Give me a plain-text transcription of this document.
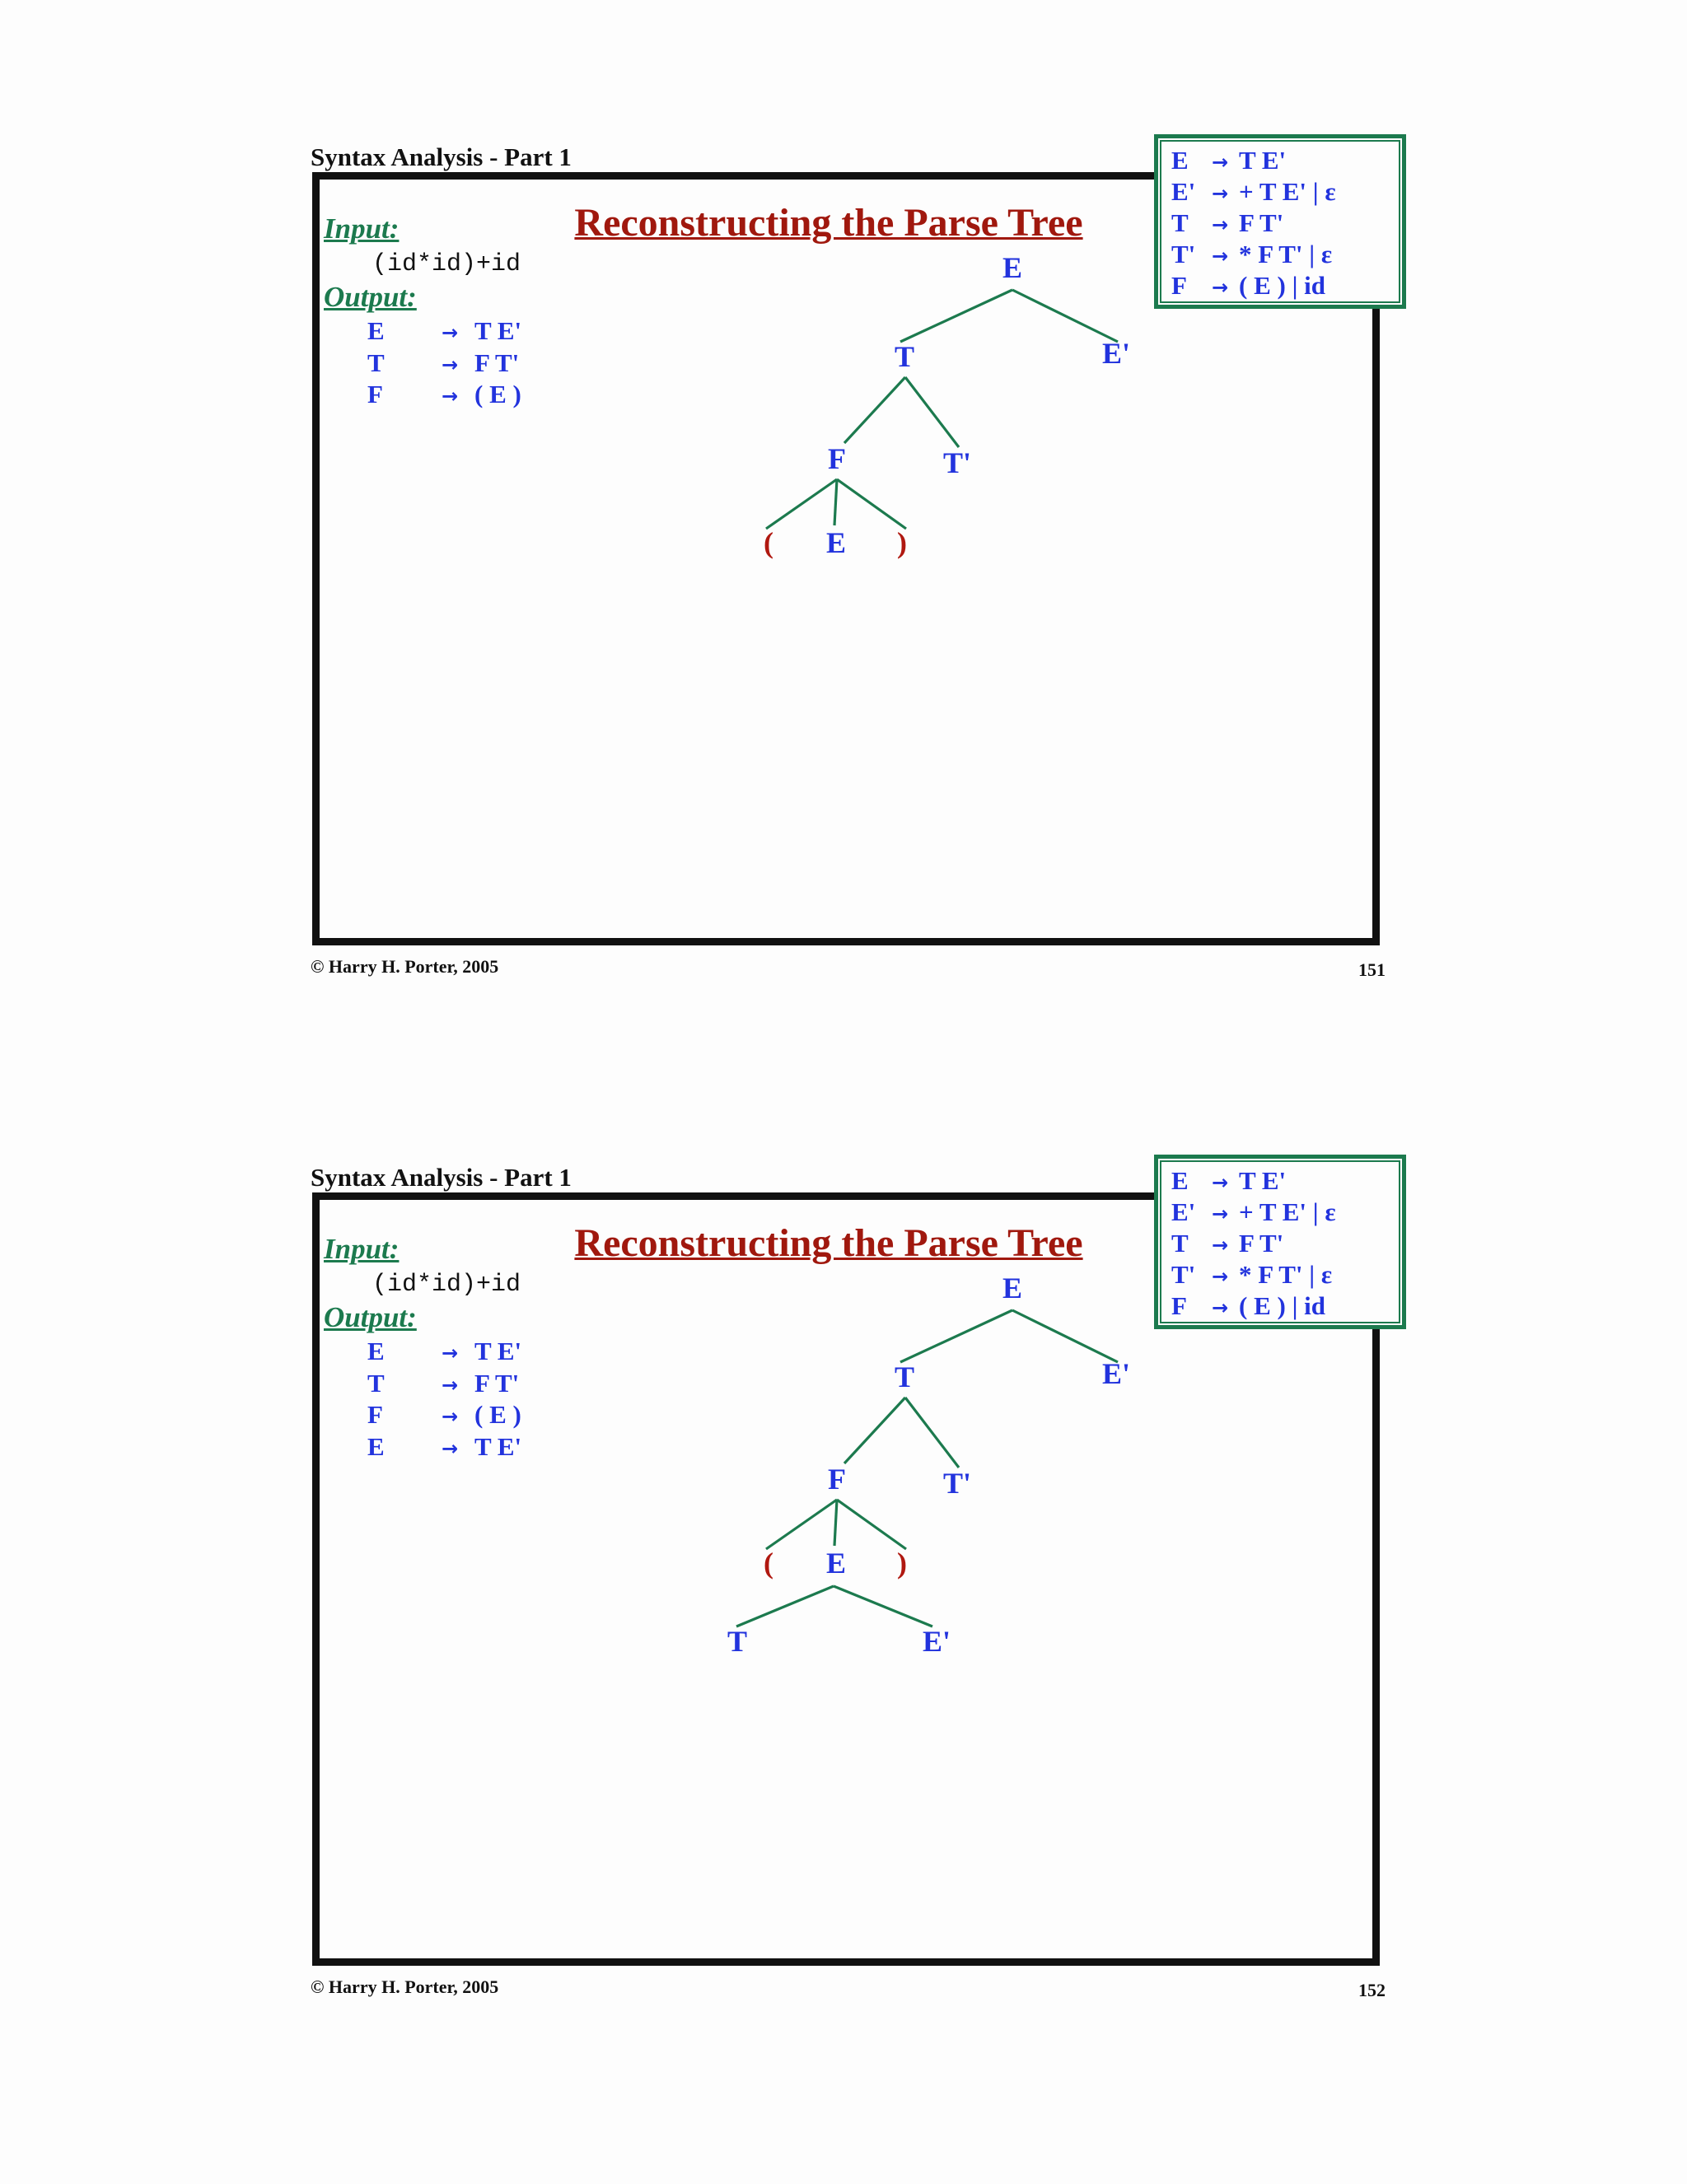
Syntax Analysis - Part 1	E → T E'
E' → + T E' | ε
T → F T'
T' → * F T' | ε
F → ( E ) | id
Input:
(id*id)+id
Output:
E	→ T E'
T	→ F T'
F	→ ( E )
Reconstructing the Parse Tree
E
T	E'
F	T'
( E )
© Harry H. Porter, 2005	151
Syntax Analysis - Part 1	E → T E'
E' → + T E' | ε
T → F T'
T' → * F T' | ε
F → ( E ) | id
Input:
(id*id)+id
Output:
E	→ T E'
T	→ F T'
F	→ ( E )
E	→ T E'
Reconstructing the Parse Tree
E
T	E'
F	T'
( E )
T	E'
© Harry H. Porter, 2005	152
